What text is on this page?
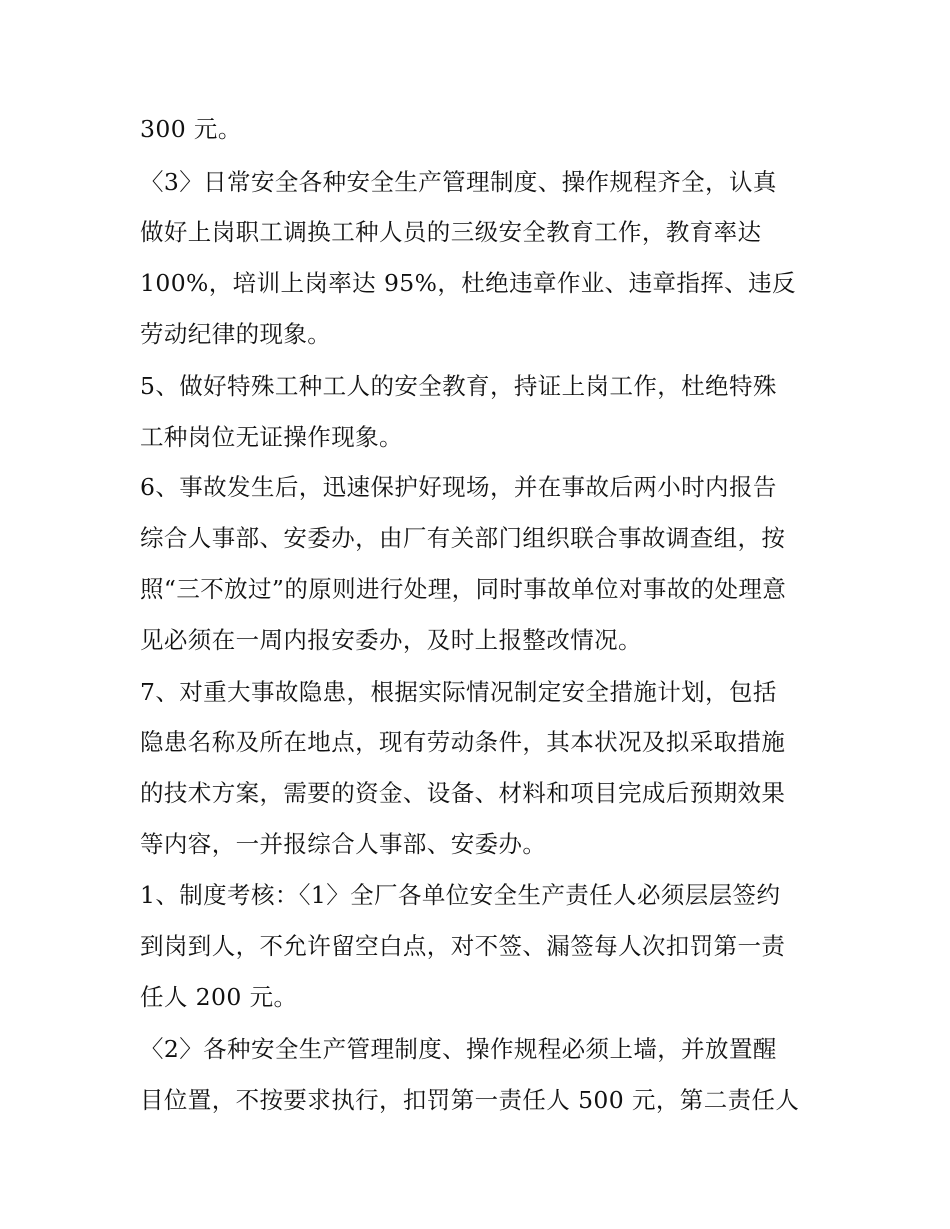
300 元。
〈3〉日常安全各种安全生产管理制度、操作规程齐全，认真
做好上岗职工调换工种人员的三级安全教育工作，教育率达
100%，培训上岗率达 95%，杜绝违章作业、违章指挥、违反
劳动纪律的现象。
5、做好特殊工种工人的安全教育，持证上岗工作，杜绝特殊
工种岗位无证操作现象。
6、事故发生后，迅速保护好现场，并在事故后两小时内报告
综合人事部、安委办，由厂有关部门组织联合事故调查组，按
照“三不放过”的原则进行处理，同时事故单位对事故的处理意
见必须在一周内报安委办，及时上报整改情况。
7、对重大事故隐患，根据实际情况制定安全措施计划，包括
隐患名称及所在地点，现有劳动条件，其本状况及拟采取措施
的技术方案，需要的资金、设备、材料和项目完成后预期效果
等内容，一并报综合人事部、安委办。
1、制度考核：〈1〉全厂各单位安全生产责任人必须层层签约
到岗到人，不允许留空白点，对不签、漏签每人次扣罚第一责
任人 200 元。
〈2〉各种安全生产管理制度、操作规程必须上墙，并放置醒
目位置，不按要求执行，扣罚第一责任人 500 元，第二责任人
